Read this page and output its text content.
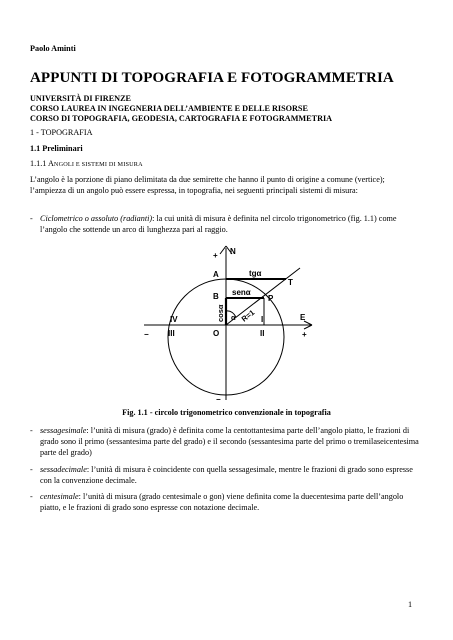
Paolo Aminti
APPUNTI DI TOPOGRAFIA E FOTOGRAMMETRIA
UNIVERSITÀ DI FIRENZE
CORSO LAUREA IN INGEGNERIA DELL’AMBIENTE E DELLE RISORSE
CORSO DI TOPOGRAFIA, GEODESIA, CARTOGRAFIA E FOTOGRAMMETRIA
1 - TOPOGRAFIA
1.1 Preliminari
1.1.1 ANGOLI E SISTEMI DI MISURA
L’angolo è la porzione di piano delimitata da due semirette che hanno il punto di origine a comune (vertice); l’ampiezza di un angolo può essere espressa, in topografia, nei seguenti principali sistemi di misura:
- Ciclometrico o assoluto (radianti): la cui unità di misura è definita nel circolo trigonometrico (fig. 1.1) come l’angolo che sottende un arco di lunghezza pari al raggio.
+ N
A	tgα
T
B senα
P
cosα α R=1
IV	I
III	II
O
E
−	+
−
Fig. 1.1 - circolo trigonometrico convenzionale in topografia
- sessagesimale: l’unità di misura (grado) è definita come la centottantesima parte dell’angolo piatto, le frazioni di grado sono il primo (sessantesima parte del grado) e il secondo (sessantesima parte del primo o tremilaseicentesima parte del grado)
- sessadecimale: l’unità di misura è coincidente con quella sessagesimale, mentre le frazioni di grado sono espresse con la convenzione decimale.
- centesimale: l’unità di misura (grado centesimale o gon) viene definita come la duecentesima parte dell’angolo piatto, e le frazioni di grado sono espresse con notazione decimale.
1
